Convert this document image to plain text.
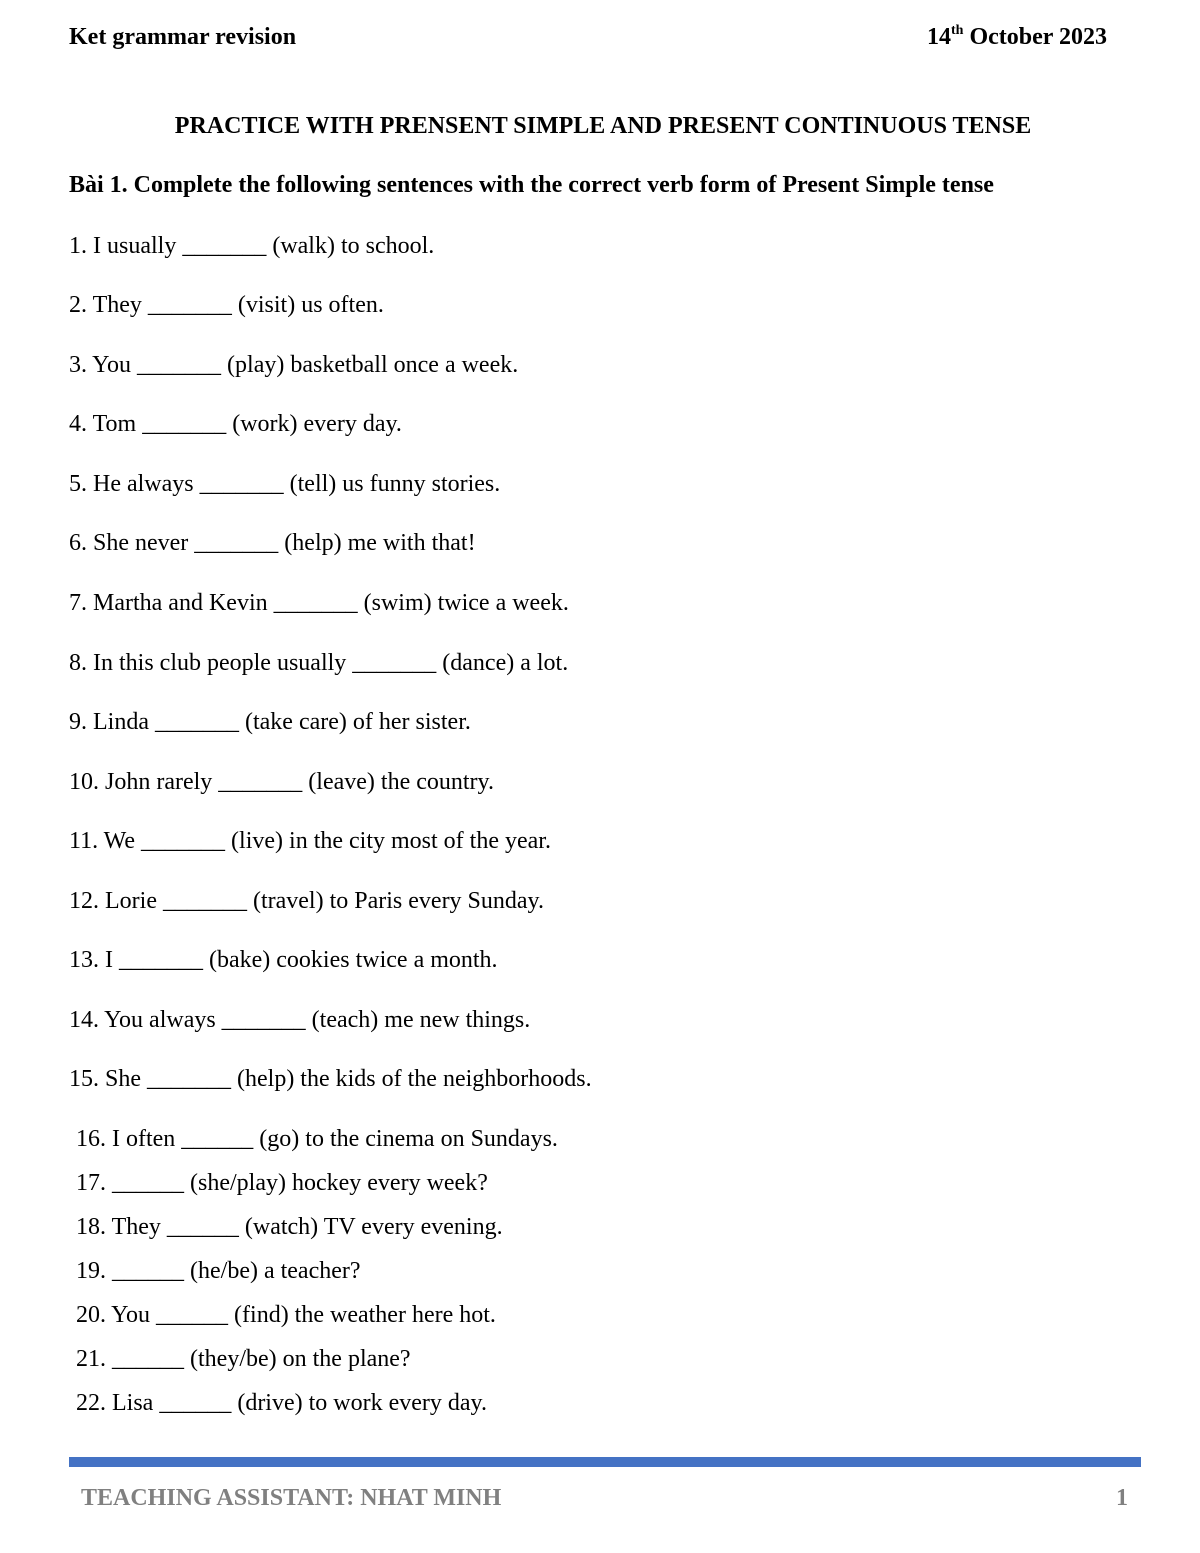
Ket grammar revision	14th October 2023
PRACTICE WITH PRENSENT SIMPLE AND PRESENT CONTINUOUS TENSE
Bài 1. Complete the following sentences with the correct verb form of Present Simple tense
1. I usually _______ (walk) to school.
2. They _______ (visit) us often.
3. You _______ (play) basketball once a week.
4. Tom _______ (work) every day.
5. He always _______ (tell) us funny stories.
6. She never _______ (help) me with that!
7. Martha and Kevin _______ (swim) twice a week.
8. In this club people usually _______ (dance) a lot.
9. Linda _______ (take care) of her sister.
10. John rarely _______ (leave) the country.
11. We _______ (live) in the city most of the year.
12. Lorie _______ (travel) to Paris every Sunday.
13. I _______ (bake) cookies twice a month.
14. You always _______ (teach) me new things.
15. She _______ (help) the kids of the neighborhoods.
16. I often ______ (go) to the cinema on Sundays.
17. ______ (she/play) hockey every week?
18. They ______ (watch) TV every evening.
19. ______ (he/be) a teacher?
20. You ______ (find) the weather here hot.
21. ______ (they/be) on the plane?
22. Lisa ______ (drive) to work every day.
TEACHING ASSISTANT: NHAT MINH	1
